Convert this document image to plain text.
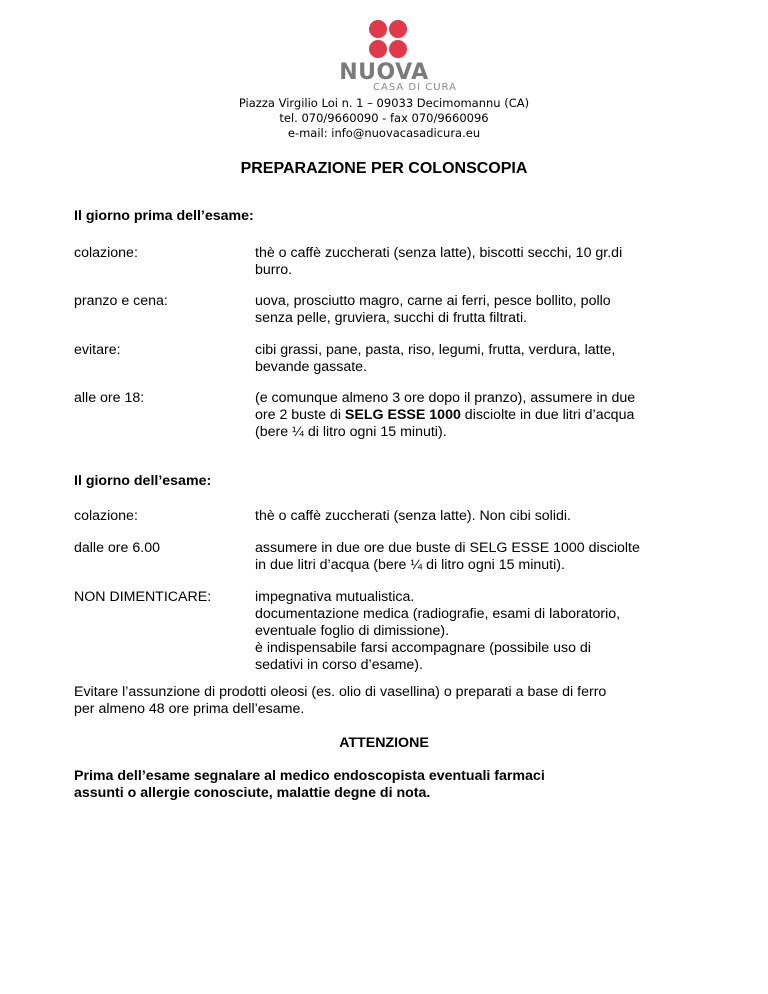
NUOVA
CASA DI CURA
Piazza Virgilio Loi n. 1 – 09033 Decimomannu (CA)
tel. 070/9660090 - fax 070/9660096
e-mail: info@nuovacasadicura.eu
PREPARAZIONE PER COLONSCOPIA
Il giorno prima dell’esame:
colazione:	thè o caffè zuccherati (senza latte), biscotti secchi, 10 gr.di
burro.
pranzo e cena:	uova, prosciutto magro, carne ai ferri, pesce bollito, pollo
senza pelle, gruviera, succhi di frutta filtrati.
evitare:	cibi grassi, pane, pasta, riso, legumi, frutta, verdura, latte,
bevande gassate.
alle ore 18:	(e comunque almeno 3 ore dopo il pranzo), assumere in due
ore 2 buste di SELG ESSE 1000 disciolte in due litri d’acqua
(bere ¼ di litro ogni 15 minuti).
Il giorno dell’esame:
colazione:	thè o caffè zuccherati (senza latte). Non cibi solidi.
dalle ore 6.00	assumere in due ore due buste di SELG ESSE 1000 disciolte
in due litri d’acqua (bere ¼ di litro ogni 15 minuti).
NON DIMENTICARE:	impegnativa mutualistica.
documentazione medica (radiografie, esami di laboratorio,
eventuale foglio di dimissione).
è indispensabile farsi accompagnare (possibile uso di
sedativi in corso d’esame).
Evitare l’assunzione di prodotti oleosi (es. olio di vasellina) o preparati a base di ferro
per almeno 48 ore prima dell’esame.
ATTENZIONE
Prima dell’esame segnalare al medico endoscopista eventuali farmaci
assunti o allergie conosciute, malattie degne di nota.
